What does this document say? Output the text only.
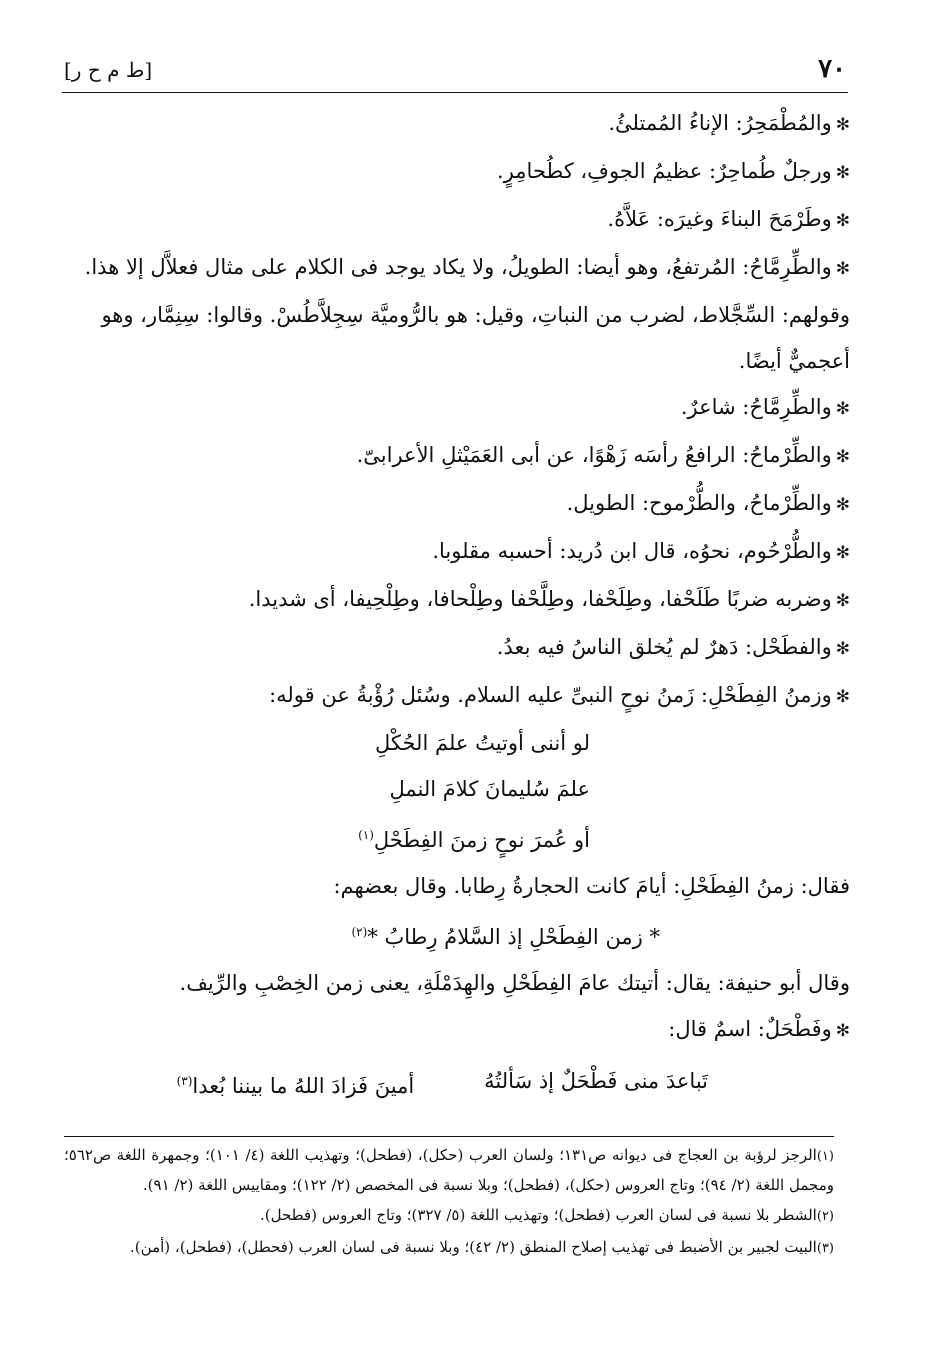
٧٠
[ط م ح ر]

✻والمُطْمَحِرُ: الإناءُ المُمتلئُ.

✻ورجلٌ طُماحِرٌ: عظيمُ الجوفِ، كطُحامِرٍ.

✻وطَرْمَحَ البناءَ وغيرَه: عَلاَّهُ.

✻والطِّرِمَّاحُ: المُرتفعُ، وهو أيضا: الطويلُ، ولا يكاد يوجد فى الكلام على مثال فعلاَّل إلا هذا. وقولهم: السِّجَّلاط، لضرب من النباتِ، وقيل: هو بالرُّوميَّة سِجِلاَّطُسْ. وقالوا: سِنِمَّار، وهو أعجميٌّ أيضًا.

✻والطِّرِمَّاحُ: شاعرٌ.

✻والطِّرْماحُ: الرافعُ رأسَه زَهْوًا، عن أبى العَمَيْثلِ الأعرابىّ.

✻والطِّرْماحُ، والطُّرْموح: الطويل.

✻والطُّرْحُوم، نحوُه، قال ابن دُريد: أحسبه مقلوبا.

✻وضربه ضربًا طَلَحْفا، وطِلَحْفا، وطِلَّحْفا وطِلْحافا، وطِلْحِيفا، أى شديدا.

✻والفطَحْل: دَهرٌ لم يُخلق الناسُ فيه بعدُ.

✻وزمنُ الفِطَحْلِ: زَمنُ نوحٍ النبىِّ عليه السلام. وسُئل رُؤْبةُ عن قوله:

لو أننى أوتيتُ علمَ الحُكْلِ

علمَ سُليمانَ كلامَ النملِ

أو عُمرَ نوحٍ زمنَ الفِطَحْلِ$^{(١)}$

فقال: زمنُ الفِطَحْلِ: أيامَ كانت الحجارةُ رِطابا. وقال بعضهم:

* زمن الفِطَحْلِ إذ السَّلامُ رِطابُ *$^{(٢)}$

وقال أبو حنيفة: يقال: أتيتك عامَ الفِطَحْلِ والهِدَمْلَةِ، يعنى زمن الخِصْبِ والرِّيف.

✻وفَطْحَلٌ: اسمٌ قال:

تَباعدَ منى فَطْحَلٌ إذ سَألتُهُ
أمينَ فَزادَ اللهُ ما بيننا بُعدا(٣)

(١)الرجز لرؤبة بن العجاج فى ديوانه ص١٣١؛ ولسان العرب (حكل)، (فطحل)؛ وتهذيب اللغة (٤/ ١٠١)؛ وجمهرة اللغة ص٥٦٢؛ ومجمل اللغة (٢/ ٩٤)؛ وتاج العروس (حكل)، (فطحل)؛ وبلا نسبة فى المخصص (٢/ ١٢٢)؛ ومقاييس اللغة (٢/ ٩١).

(٢)الشطر بلا نسبة فى لسان العرب (فطحل)؛ وتهذيب اللغة (٥/ ٣٢٧)؛ وتاج العروس (فطحل).

(٣)البيت لجبير بن الأضبط فى تهذيب إصلاح المنطق (٢/ ٤٢)؛ وبلا نسبة فى لسان العرب (فحطل)، (فطحل)، (أمن).
